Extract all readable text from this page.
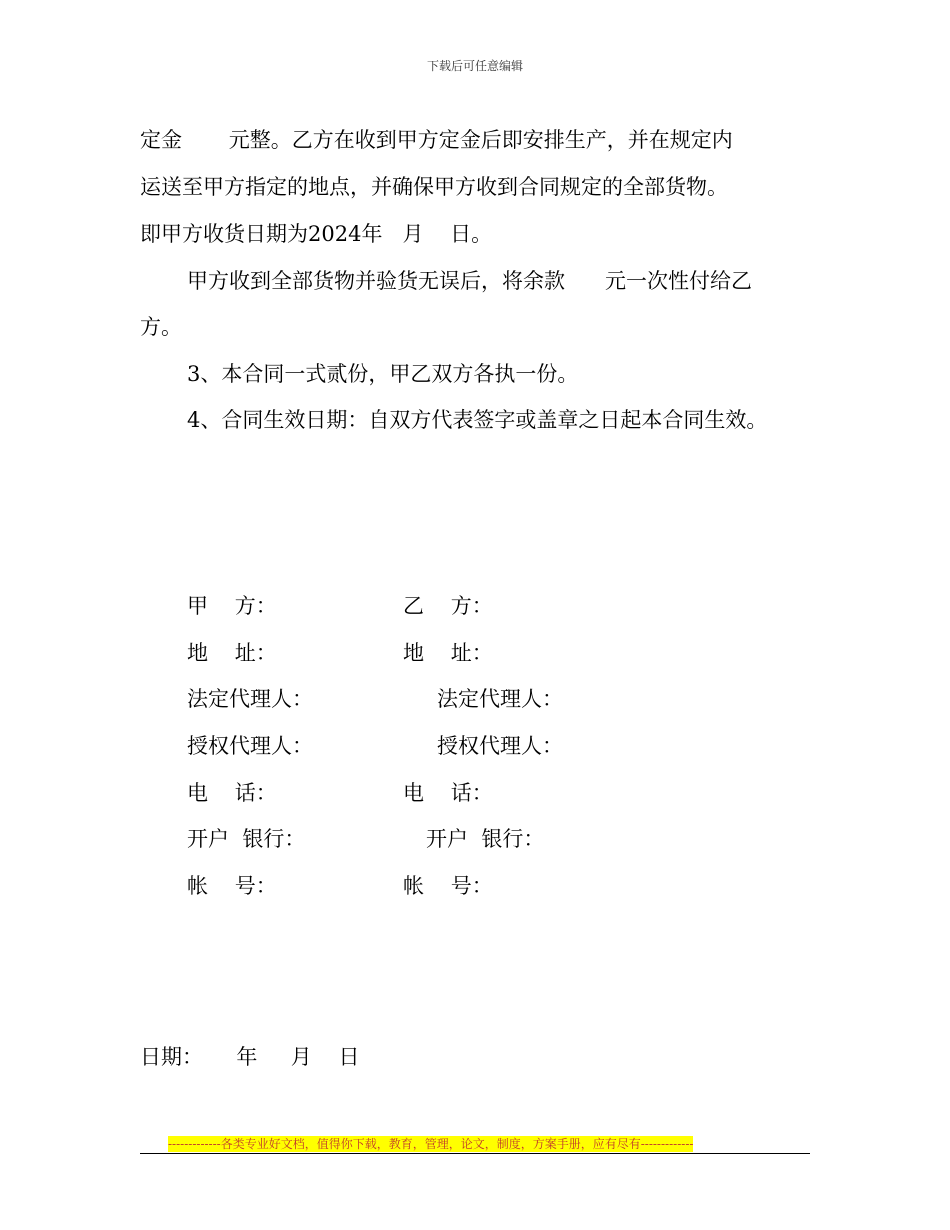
下载后可任意编辑
定金       元整。乙方在收到甲方定金后即安排生产，并在规定内
运送至甲方指定的地点，并确保甲方收到合同规定的全部货物。
即甲方收货日期为2024年   月    日。
甲方收到全部货物并验货无误后，将余款      元一次性付给乙
方。
3、本合同一式贰份，甲乙双方各执一份。
4、合同生效日期：自双方代表签字或盖章之日起本合同生效。
甲    方：	乙    方：
地    址：	地    址：
法定代理人：	法定代理人：
授权代理人：	授权代理人：
电    话：	电    话：
开户  银行：	开户  银行：
帐    号：	帐    号：
日期：     年     月    日
-------------各类专业好文档，值得你下载，教育，管理，论文，制度，方案手册，应有尽有-------------
